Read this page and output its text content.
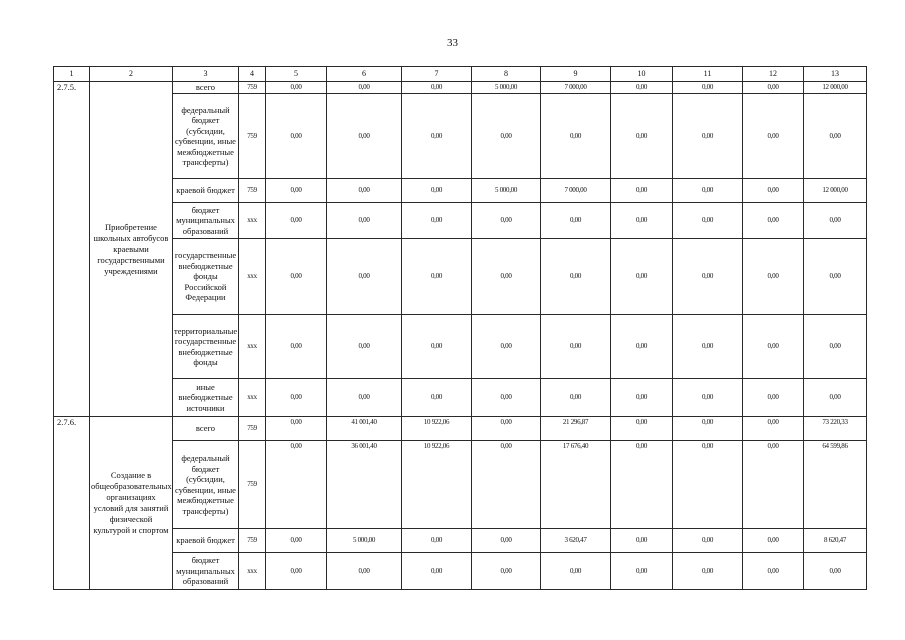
33
1	2	3	4	5	6	7	8	9	10	11	12	13
2.7.5.	Приобретение школьных автобусов краевыми государственными учреждениями	всего	759	0,00	0,00	0,00	5 000,00	7 000,00	0,00	0,00	0,00	12 000,00
		федеральный бюджет (субсидии, субвенции, иные межбюджетные трансферты)	759	0,00	0,00	0,00	0,00	0,00	0,00	0,00	0,00	0,00
		краевой бюджет	759	0,00	0,00	0,00	5 000,00	7 000,00	0,00	0,00	0,00	12 000,00
		бюджет муниципальных образований	ххх	0,00	0,00	0,00	0,00	0,00	0,00	0,00	0,00	0,00
		государственные внебюджетные фонды Российской Федерации	ххх	0,00	0,00	0,00	0,00	0,00	0,00	0,00	0,00	0,00
		территориальные государственные внебюджетные фонды	ххх	0,00	0,00	0,00	0,00	0,00	0,00	0,00	0,00	0,00
		иные внебюджетные источники	ххх	0,00	0,00	0,00	0,00	0,00	0,00	0,00	0,00	0,00
2.7.6.	Создание в общеобразовательных организациях условий для занятий физической культурой и спортом	всего	759	0,00	41 001,40	10 922,06	0,00	21 296,87	0,00	0,00	0,00	73 220,33
		федеральный бюджет (субсидии, субвенции, иные межбюджетные трансферты)	759	0,00	36 001,40	10 922,06	0,00	17 676,40	0,00	0,00	0,00	64 599,86
		краевой бюджет	759	0,00	5 000,00	0,00	0,00	3 620,47	0,00	0,00	0,00	8 620,47
		бюджет муниципальных образований	ххх	0,00	0,00	0,00	0,00	0,00	0,00	0,00	0,00	0,00
